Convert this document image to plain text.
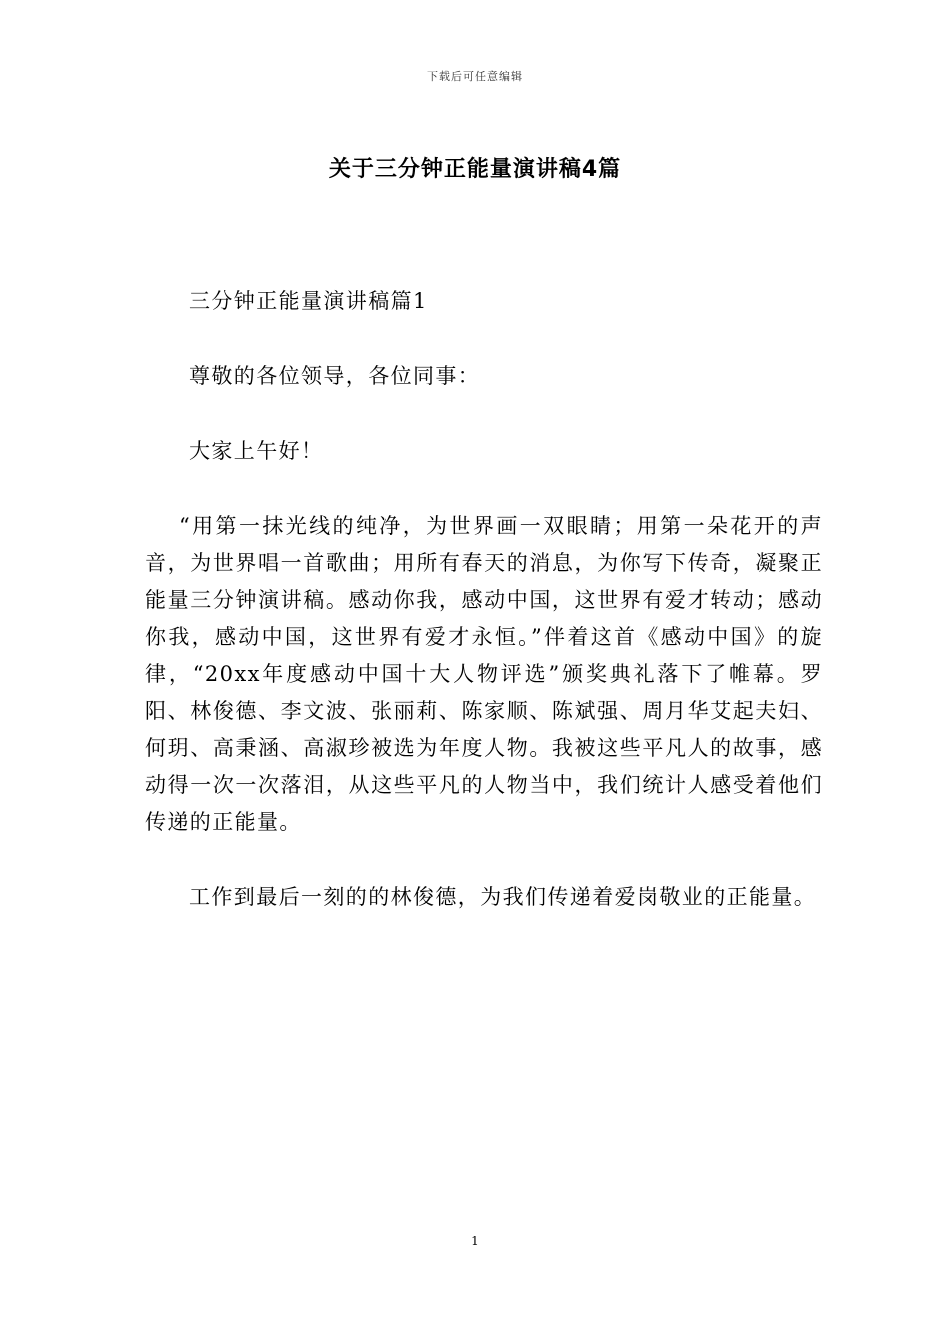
下载后可任意编辑
关于三分钟正能量演讲稿4篇

三分钟正能量演讲稿篇1

尊敬的各位领导，各位同事：

大家上午好！

“用第一抹光线的纯净，为世界画一双眼睛；用第一朵花开的声音，为世界唱一首歌曲；用所有春天的消息，为你写下传奇，凝聚正能量三分钟演讲稿。感动你我，感动中国，这世界有爱才转动；感动你我，感动中国，这世界有爱才永恒。”伴着这首《感动中国》的旋律，“20xx年度感动中国十大人物评选”颁奖典礼落下了帷幕。罗阳、林俊德、李文波、张丽莉、陈家顺、陈斌强、周月华艾起夫妇、何玥、高秉涵、高淑珍被选为年度人物。我被这些平凡人的故事，感动得一次一次落泪，从这些平凡的人物当中，我们统计人感受着他们传递的正能量。

工作到最后一刻的的林俊德，为我们传递着爱岗敬业的正能量。

1
